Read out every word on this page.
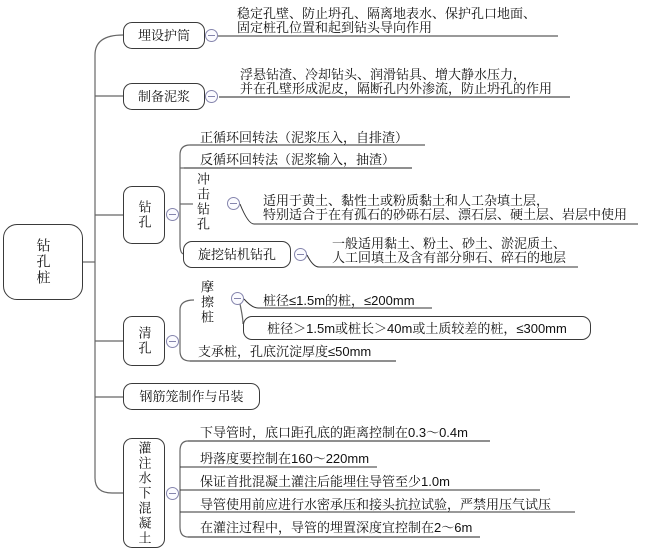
钻孔桩
埋设护筒
制备泥浆
钻孔
清孔
钢筋笼制作与吊装
灌注水下混凝土
旋挖钻机钻孔
桩径＞1.5m或桩长＞40m或土质较差的桩，≤300mm
稳定孔壁、防止坍孔、隔离地表水、保护孔口地面、
固定桩孔位置和起到钻头导向作用
浮悬钻渣、冷却钻头、润滑钻具、增大静水压力，
并在孔壁形成泥皮，隔断孔内外渗流，防止坍孔的作用
正循环回转法（泥浆压入，自排渣）
反循环回转法（泥浆输入，抽渣）
冲击钻孔	适用于黄土、黏性土或粉质黏土和人工杂填土层，
特别适合于在有孤石的砂砾石层、漂石层、硬土层、岩层中使用
一般适用黏土、粉土、砂土、淤泥质土、
人工回填土及含有部分卵石、碎石的地层
摩擦桩	桩径≤1.5m的桩，≤200mm
支承桩，孔底沉淀厚度≤50mm
下导管时，底口距孔底的距离控制在0.3～0.4m
坍落度要控制在160～220mm
保证首批混凝土灌注后能埋住导管至少1.0m
导管使用前应进行水密承压和接头抗拉试验，严禁用压气试压
在灌注过程中，导管的埋置深度宜控制在2～6m
